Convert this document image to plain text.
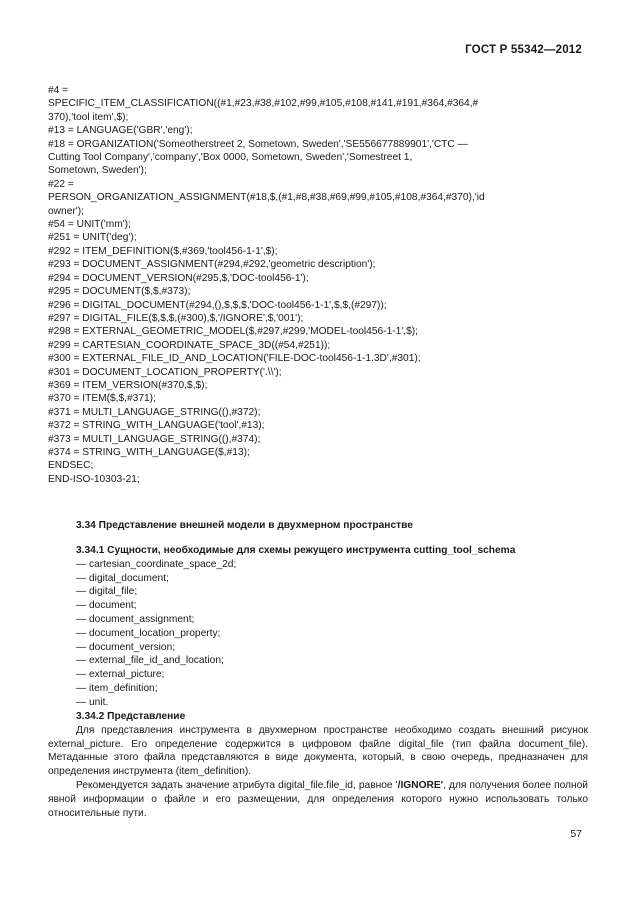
ГОСТ Р 55342—2012
#4 =
SPECIFIC_ITEM_CLASSIFICATION((#1,#23,#38,#102,#99,#105,#108,#141,#191,#364,#364,#
370),'tool item',$);
#13 = LANGUAGE('GBR','eng');
#18 = ORGANIZATION('Someotherstreet 2, Sometown, Sweden','SE556677889901','CTC —
Cutting Tool Company','company','Box 0000, Sometown, Sweden','Somestreet 1,
Sometown, Sweden');
#22 =
PERSON_ORGANIZATION_ASSIGNMENT(#18,$,(#1,#8,#38,#69,#99,#105,#108,#364,#370),'id
owner');
#54 = UNIT('mm');
#251 = UNIT('deg');
#292 = ITEM_DEFINITION($,#369,'tool456-1-1',$);
#293 = DOCUMENT_ASSIGNMENT(#294,#292,'geometric description');
#294 = DOCUMENT_VERSION(#295,$,'DOC-tool456-1');
#295 = DOCUMENT($,$,#373);
#296 = DIGITAL_DOCUMENT(#294,(),$,$,$,'DOC-tool456-1-1',$,$,(#297));
#297 = DIGITAL_FILE($,$,$,(#300),$,'/IGNORE',$,'001');
#298 = EXTERNAL_GEOMETRIC_MODEL($,#297,#299,'MODEL-tool456-1-1',$);
#299 = CARTESIAN_COORDINATE_SPACE_3D((#54,#251));
#300 = EXTERNAL_FILE_ID_AND_LOCATION('FILE-DOC-tool456-1-1.3D',#301);
#301 = DOCUMENT_LOCATION_PROPERTY('.\\');
#369 = ITEM_VERSION(#370,$,$);
#370 = ITEM($,$,#371);
#371 = MULTI_LANGUAGE_STRING((),#372);
#372 = STRING_WITH_LANGUAGE('tool',#13);
#373 = MULTI_LANGUAGE_STRING((),#374);
#374 = STRING_WITH_LANGUAGE($,#13);
ENDSEC;
END-ISO-10303-21;
3.34 Представление внешней модели в двухмерном пространстве
3.34.1 Сущности, необходимые для схемы режущего инструмента cutting_tool_schema
— cartesian_coordinate_space_2d;
— digital_document;
— digital_file;
— document;
— document_assignment;
— document_location_property;
— document_version;
— external_file_id_and_location;
— external_picture;
— item_definition;
— unit.
3.34.2 Представление
Для представления инструмента в двухмерном пространстве необходимо создать внешний рисунок external_picture. Его определение содержится в цифровом файле digital_file (тип файла document_file). Метаданные этого файла представляются в виде документа, который, в свою очередь, предназначен для определения инструмента (item_definition).
Рекомендуется задать значение атрибута digital_file.file_id, равное '/IGNORE', для получения более полной явной информации о файле и его размещении, для определения которого нужно использовать только относительные пути.
57
